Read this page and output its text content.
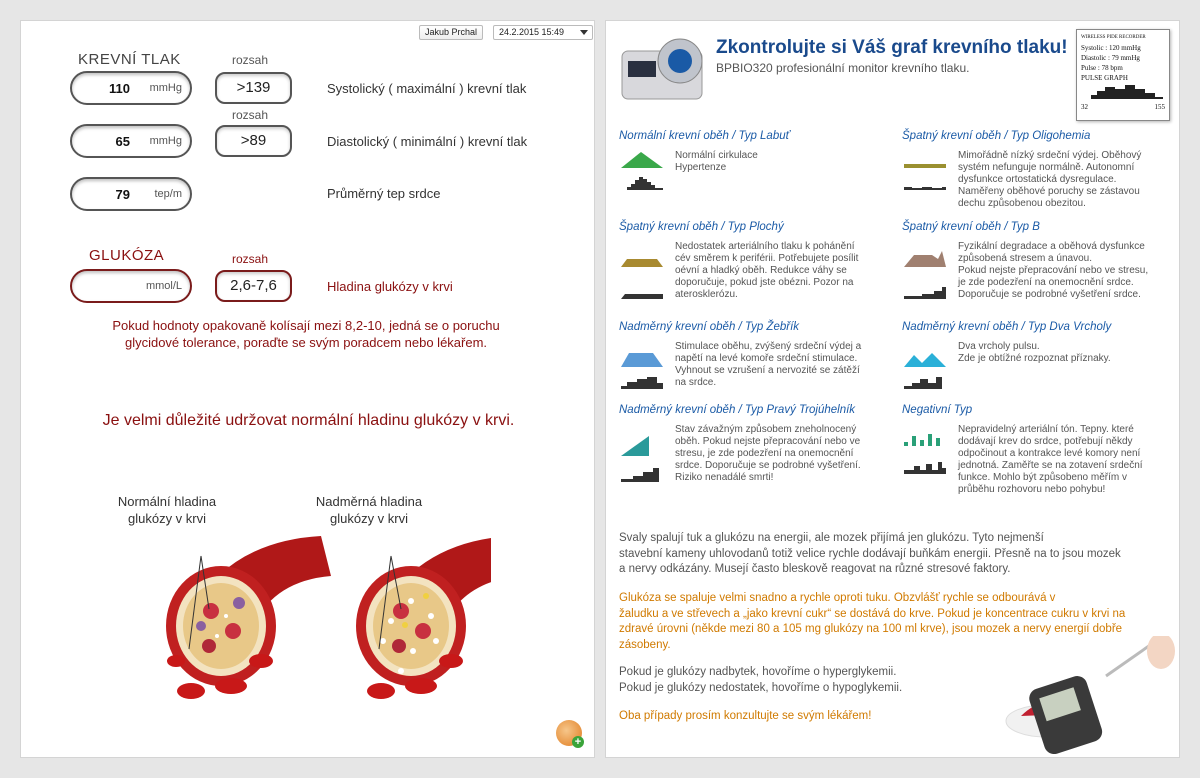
Jakub Prchal	24.2.2015 15:49
KREVNÍ TLAK	rozsah
110 mmHg	>139	Systolický ( maximální ) krevní tlak
rozsah
65 mmHg	>89	Diastolický ( minimální ) krevní tlak
79 tep/m	Průměrný tep srdce
GLUKÓZA	rozsah
mmol/L	2,6-7,6	Hladina glukózy v krvi
Pokud hodnoty opakovaně kolísají mezi 8,2-10, jedná se o poruchu
glycidové tolerance, poraďte se svým poradcem nebo lékařem.
Je velmi důležité udržovat normální hladinu glukózy v krvi.
Normální hladina
glukózy v krvi
Nadměrná hladina
glukózy v krvi
+
Zkontrolujte si Váš graf krevního tlaku!
BPBIO320 profesionální monitor krevního tlaku.
WIRELESS PIDE RECORDER
Systolic : 120 mmHg
Diastolic : 79 mmHg
Pulse : 78 bpm
PULSE GRAPH
32	155
Normální krevní oběh / Typ Labuť
Normální cirkulace
Hypertenze
Špatný krevní oběh / Typ Oligohemia
Mimořádně nízký srdeční výdej. Oběhový
systém nefunguje normálně. Autonomní
dysfunkce ortostatická dysregulace.
Naměřeny oběhové poruchy se zástavou
dechu způsobenou obezitou.
Špatný krevní oběh / Typ Plochý
Nedostatek arteriálního tlaku k pohánění
cév směrem k periférii. Potřebujete posílit
oévní a hladký oběh. Redukce váhy se
doporučuje, pokud jste obézni. Pozor na
aterosklerózu.
Špatný krevní oběh / Typ B
Fyzikální degradace a oběhová dysfunkce
způsobená stresem a únavou.
Pokud nejste přepracování nebo ve stresu,
je zde podezření na onemocnění srdce.
Doporučuje se podrobné vyšetření srdce.
Nadměrný krevní oběh / Typ Žebřík
Stimulace oběhu, zvýšený srdeční výdej a
napětí na levé komoře srdeční stimulace.
Vyhnout se vzrušení a nervozité se zátěží
na srdce.
Nadměrný krevní oběh / Typ Dva Vrcholy
Dva vrcholy pulsu.
Zde je obtížné rozpoznat příznaky.
Nadměrný krevní oběh / Typ Pravý Trojúhelník
Stav závažným způsobem zneholnocený
oběh. Pokud nejste přepracování nebo ve
stresu, je zde podezření na onemocnění
srdce. Doporučuje se podrobné vyšetření.
Riziko nenadálé smrti!
Negativní Typ
Nepravidelný arteriální tón. Tepny. které
dodávají krev do srdce, potřebují někdy
odpočinout a kontrakce levé komory není
jednotná. Zaměřte se na zotavení srdeční
funkce. Mohlo být způsobeno měřím v
průběhu rozhovoru nebo pohybu!
Svaly spalují tuk a glukózu na energii, ale mozek přijímá jen glukózu. Tyto nejmenší
stavební kameny uhlovodanů totiž velice rychle dodávají buňkám energii. Přesně na to jsou mozek
a nervy odkázány. Musejí často bleskově reagovat na různé stresové faktory.
Glukóza se spaluje velmi snadno a rychle oproti tuku. Obzvlášť rychle se odbourává v
žaludku a ve střevech a „jako krevní cukr“ se dostává do krve. Pokud je koncentrace cukru v krvi na
zdravé úrovni (někde mezi 80 a 105 mg glukózy na 100 ml krve), jsou mozek a nervy energií dobře
zásobeny.
Pokud je glukózy nadbytek, hovoříme o hyperglykemii.
Pokud je glukózy nedostatek, hovoříme o hypoglykemii.
Oba případy prosím konzultujte se svým lékářem!
